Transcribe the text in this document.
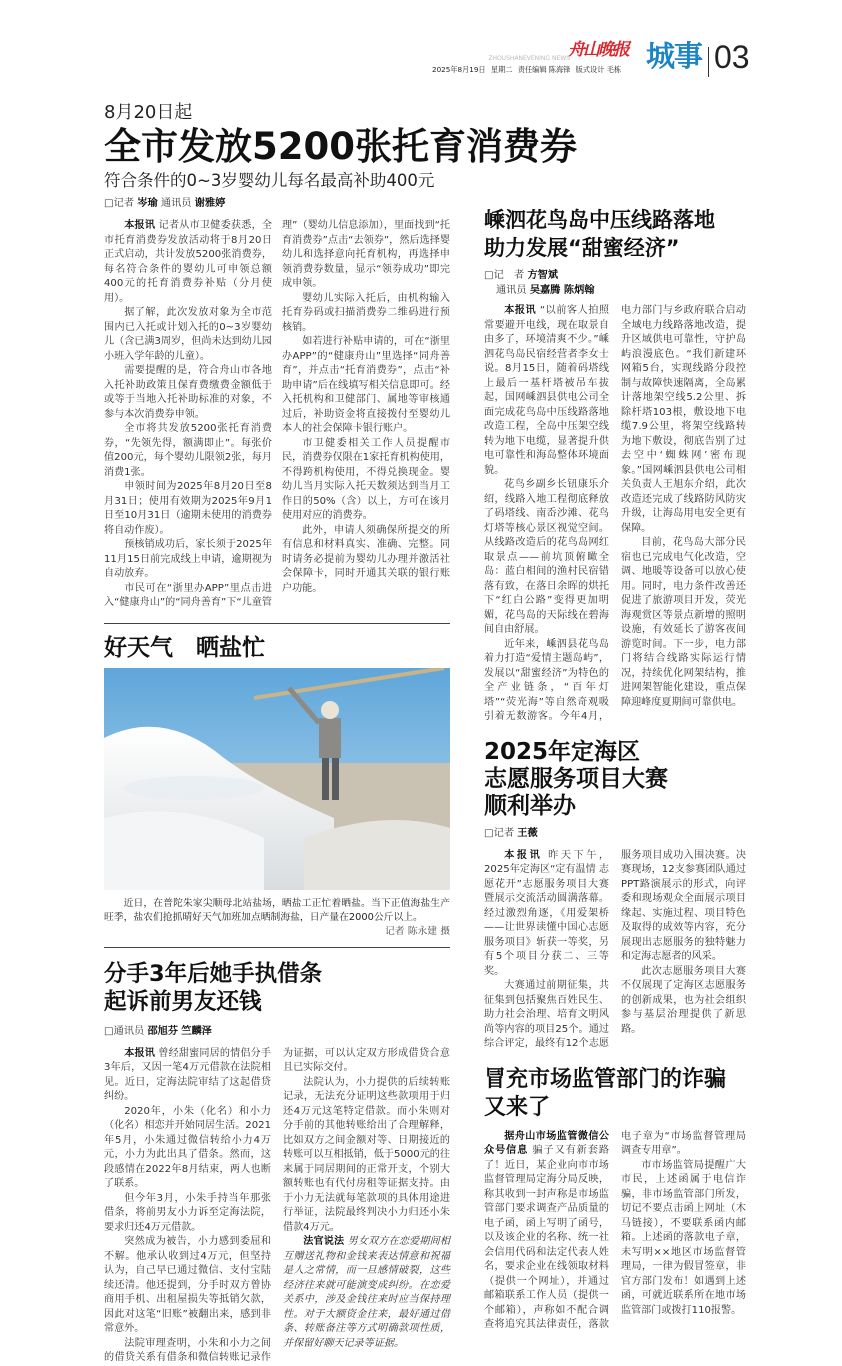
ZHOUSHANEVENING NEWS
2025年8月19日 星期二 责任编辑 陈海锋 版式设计 毛栋
舟山晚报 城事 03
8月20日起
全市发放5200张托育消费券
符合条件的0~3岁婴幼儿每名最高补助400元
□记者 岑瑜 通讯员 谢雅婷

本报讯 记者从市卫健委获悉，全市托育消费券发放活动将于8月20日正式启动，共计发放5200张消费券，每名符合条件的婴幼儿可申领总额400元的托育消费券补贴（分月使用）。

据了解，此次发放对象为全市范围内已入托或计划入托的0~3岁婴幼儿（含已满3周岁，但尚未达到幼儿园小班入学年龄的儿童）。

需要提醒的是，符合舟山市各地入托补助政策且保育费缴费金额低于或等于当地入托补助标准的对象，不参与本次消费券申领。

全市将共发放5200张托育消费券，“先领先得，额满即止”。每张价值200元，每个婴幼儿限领2张，每月消费1张。

申领时间为2025年8月20日至8月31日；使用有效期为2025年9月1日至10月31日（逾期未使用的消费券将自动作废）。

预核销成功后，家长须于2025年11月15日前完成线上申请，逾期视为自动放弃。

市民可在“浙里办APP”里点击进入“健康舟山”的“同舟善育”下“儿童管理”（婴幼儿信息添加），里面找到“托育消费券”点击“去领券”，然后选择婴幼儿和选择意向托育机构，再选择申领消费券数量，显示“领券成功”即完成申领。

婴幼儿实际入托后，由机构输入托育券码或扫描消费券二维码进行预核销。

如若进行补贴申请的，可在“浙里办APP”的“健康舟山”里选择“同舟善育”，并点击“托育消费券”，点击“补助申请”后在线填写相关信息即可。经入托机构和卫健部门、属地等审核通过后，补助资金将直接拨付至婴幼儿本人的社会保障卡银行账户。

市卫健委相关工作人员提醒市民，消费券仅限在1家托育机构使用，不得跨机构使用，不得兑换现金。婴幼儿当月实际入托天数须达到当月工作日的50%（含）以上，方可在该月使用对应的消费券。

此外，申请人须确保所提交的所有信息和材料真实、准确、完整。同时请务必提前为婴幼儿办理并激活社会保障卡，同时开通其关联的银行账户功能。

好天气　晒盐忙
近日，在普陀朱家尖顺母北站盐场，晒盐工正忙着晒盐。当下正值海盐生产旺季，盐农们抢抓晴好天气加班加点晒制海盐，日产量在2000公斤以上。
记者 陈永建 摄
分手3年后她手执借条
起诉前男友还钱
□通讯员 邵旭芬 竺麟泽

本报讯 曾经甜蜜同居的情侣分手3年后，又因一笔4万元借款在法院相见。近日，定海法院审结了这起借贷纠纷。

2020年，小朱（化名）和小力（化名）相恋并开始同居生活。2021年5月，小朱通过微信转给小力4万元，小力为此出具了借条。然而，这段感情在2022年8月结束，两人也断了联系。

但今年3月，小朱手持当年那张借条，将前男友小力诉至定海法院，要求归还4万元借款。

突然成为被告，小力感到委屈和不解。他承认收到过4万元，但坚持认为，自己早已通过微信、支付宝陆续还清。他还提到，分手时双方曾协商用手机、出租屋损失等抵销欠款，因此对这笔“旧账”被翻出来，感到非常意外。

法院审理查明，小朱和小力之间的借贷关系有借条和微信转账记录作为证据，可以认定双方形成借贷合意且已实际交付。

法院认为，小力提供的后续转账记录，无法充分证明这些款项用于归还4万元这笔特定借款。而小朱则对分手前的其他转账给出了合理解释，比如双方之间金额对等、日期接近的转账可以互相抵销，低于5000元的往来属于同居期间的正常开支，个别大额转账也有代付房租等证据支持。由于小力无法就每笔款项的具体用途进行举证，法院最终判决小力归还小朱借款4万元。

法官说法 男女双方在恋爱期间相互赠送礼物和金钱来表达情意和祝福是人之常情，而一旦感情破裂，这些经济往来就可能演变成纠纷。在恋爱关系中，涉及金钱往来时应当保持理性。对于大额资金往来，最好通过借条、转账备注等方式明确款项性质，并保留好聊天记录等证据。

嵊泗花鸟岛中压线路落地
助力发展“甜蜜经济”
□记　者 方智斌
通讯员 吴嘉腾 陈炳翰

本报讯 “以前客人拍照常要避开电线，现在取景自由多了，环境清爽不少。”嵊泗花鸟岛民宿经营者李女士说。8月15日，随着码塔线上最后一基杆塔被吊车拔起，国网嵊泗县供电公司全面完成花鸟岛中压线路落地改造工程，全岛中压架空线转为地下电缆，显著提升供电可靠性和海岛整体环境面貌。

花鸟乡副乡长钮康乐介绍，线路入地工程彻底释放了码塔线、南岙沙滩、花鸟灯塔等核心景区视觉空间。从线路改造后的花鸟岛网红取景点——前坑顶俯瞰全岛：蓝白相间的渔村民宿错落有致，在落日余晖的烘托下“红白公路”变得更加明媚，花鸟岛的天际线在碧海间自由舒展。

近年来，嵊泗县花鸟岛着力打造“爱情主题岛屿”，发展以“甜蜜经济”为特色的全产业链条，“百年灯塔”“荧光海”等自然奇观吸引着无数游客。今年4月，电力部门与乡政府联合启动全域电力线路落地改造，提升区域供电可靠性，守护岛屿浪漫底色。“我们新建环网箱5台，实现线路分段控制与故障快速隔离，全岛累计落地架空线5.2公里、拆除杆塔103根，敷设地下电缆7.9公里，将架空线路转为地下敷设，彻底告别了过去空中‘蜘蛛网’密布现象。”国网嵊泗县供电公司相关负责人王旭东介绍，此次改造还完成了线路防风防灾升级，让海岛用电安全更有保障。

目前，花鸟岛大部分民宿也已完成电气化改造，空调、地暖等设备可以放心使用。同时，电力条件改善还促进了旅游项目开发，荧光海观赏区等景点新增的照明设施，有效延长了游客夜间游览时间。下一步，电力部门将结合线路实际运行情况，持续优化网架结构，推进网架智能化建设，重点保障迎峰度夏期间可靠供电。

2025年定海区
志愿服务项目大赛
顺利举办
□记者 王薇

本报讯 昨天下午，2025年定海区“定有温情 志愿花开”志愿服务项目大赛暨展示交流活动圆满落幕。经过激烈角逐，《用爱架桥——让世界读懂中国心志愿服务项目》斩获一等奖，另有5个项目分获二、三等奖。

大赛通过前期征集，共征集到包括聚焦百姓民生、助力社会治理、培育文明风尚等内容的项目25个。通过综合评定，最终有12个志愿服务项目成功入围决赛。决赛现场，12支参赛团队通过PPT路演展示的形式，向评委和现场观众全面展示项目缘起、实施过程、项目特色及取得的成效等内容，充分展现出志愿服务的独特魅力和定海志愿者的风采。

此次志愿服务项目大赛不仅展现了定海区志愿服务的创新成果，也为社会组织参与基层治理提供了新思路。

冒充市场监管部门的诈骗
又来了

据舟山市场监管微信公众号信息 骗子又有新套路了！近日，某企业向市市场监督管理局定海分局反映，称其收到一封声称是市场监管部门要求调查产品质量的电子函，函上写明了函号，以及该企业的名称、统一社会信用代码和法定代表人姓名，要求企业在线领取材料（提供一个网址），并通过邮箱联系工作人员（提供一个邮箱），声称如不配合调查将追究其法律责任，落款电子章为“市场监督管理局调查专用章”。

市市场监管局提醒广大市民，上述函属于电信诈骗，非市场监管部门所发，切记不要点击函上网址（木马链接），不要联系函内邮箱。上述函的落款电子章，未写明××地区市场监督管理局，一律为假冒签章，非官方部门发布！如遇到上述函，可就近联系所在地市场监管部门或拨打110报警。
